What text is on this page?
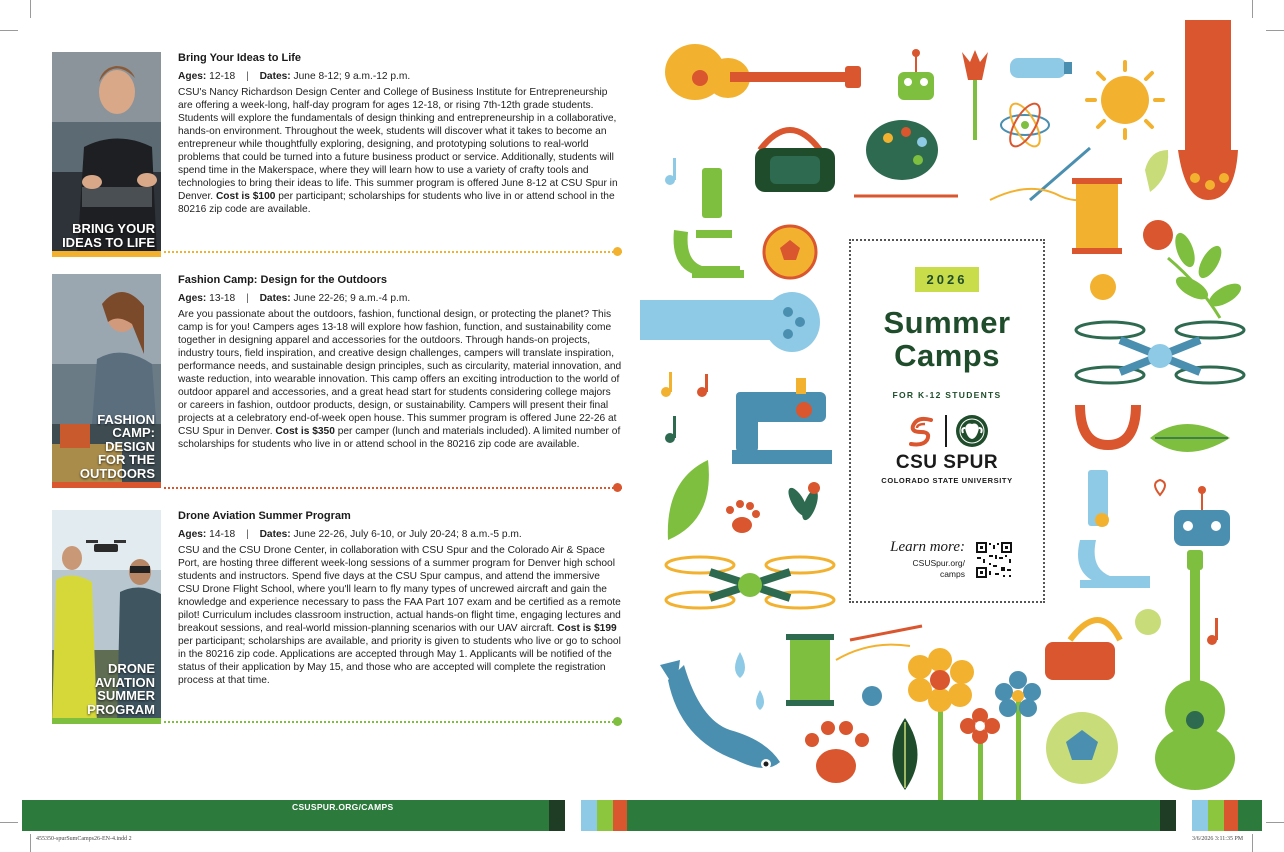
BRING YOUR IDEAS TO LIFE
Bring Your Ideas to Life
Ages: 12-18 | Dates: June 8-12; 9 a.m.-12 p.m.

CSU's Nancy Richardson Design Center and College of Business Institute for Entrepreneurship are offering a week-long, half-day program for ages 12-18, or rising 7th-12th grade students. Students will explore the fundamentals of design thinking and entrepreneurship in a collaborative, hands-on environment. Throughout the week, students will discover what it takes to become an entrepreneur while thoughtfully exploring, designing, and prototyping solutions to real-world problems that could be turned into a future business product or service. Additionally, students will spend time in the Makerspace, where they will learn how to use a variety of crafty tools and technologies to bring their ideas to life. This summer program is offered June 8-12 at CSU Spur in Denver. Cost is $100 per participant; scholarships for students who live in or attend school in the 80216 zip code are available.

FASHION CAMP: DESIGN FOR THE OUTDOORS
Fashion Camp: Design for the Outdoors
Ages: 13-18 | Dates: June 22-26; 9 a.m.-4 p.m.

Are you passionate about the outdoors, fashion, functional design, or protecting the planet? This camp is for you! Campers ages 13-18 will explore how fashion, function, and sustainability come together in designing apparel and accessories for the outdoors. Through hands-on projects, industry tours, field inspiration, and creative design challenges, campers will translate inspiration, performance needs, and sustainable design principles, such as circularity, material innovation, and waste reduction, into wearable innovation. This camp offers an exciting introduction to the world of outdoor apparel and accessories, and a great head start for students considering college majors or careers in fashion, outdoor products, design, or sustainability. Campers will present their final projects at a celebratory end-of-week open house. This summer program is offered June 22-26 at CSU Spur in Denver. Cost is $350 per camper (lunch and materials included). A limited number of scholarships for students who live in or attend school in the 80216 zip code are available.

DRONE AVIATION SUMMER PROGRAM
Drone Aviation Summer Program
Ages: 14-18 | Dates: June 22-26, July 6-10, or July 20-24; 8 a.m.-5 p.m.

CSU and the CSU Drone Center, in collaboration with CSU Spur and the Colorado Air & Space Port, are hosting three different week-long sessions of a summer program for Denver high school students and instructors. Spend five days at the CSU Spur campus, and attend the immersive CSU Drone Flight School, where you'll learn to fly many types of uncrewed aircraft and gain the knowledge and experience necessary to pass the FAA Part 107 exam and be certified as a remote pilot! Curriculum includes classroom instruction, actual hands-on flight time, engaging lectures and breakout sessions, and real-world mission-planning scenarios with our UAV aircraft. Cost is $199 per participant; scholarships are available, and priority is given to students who live or go to school in the 80216 zip code. Applications are accepted through May 1. Applicants will be notified of the status of their application by May 15, and those who are accepted will complete the registration process at that time.

2026
Summer
Camps
FOR K-12 STUDENTS
CSU SPUR
COLORADO STATE UNIVERSITY
Learn more:
CSUSpur.org/
camps
CSUSPUR.ORG/CAMPS
455350-spurSumCamps26-EN-4.indd 2	3/6/2026 3:11:35 PM
